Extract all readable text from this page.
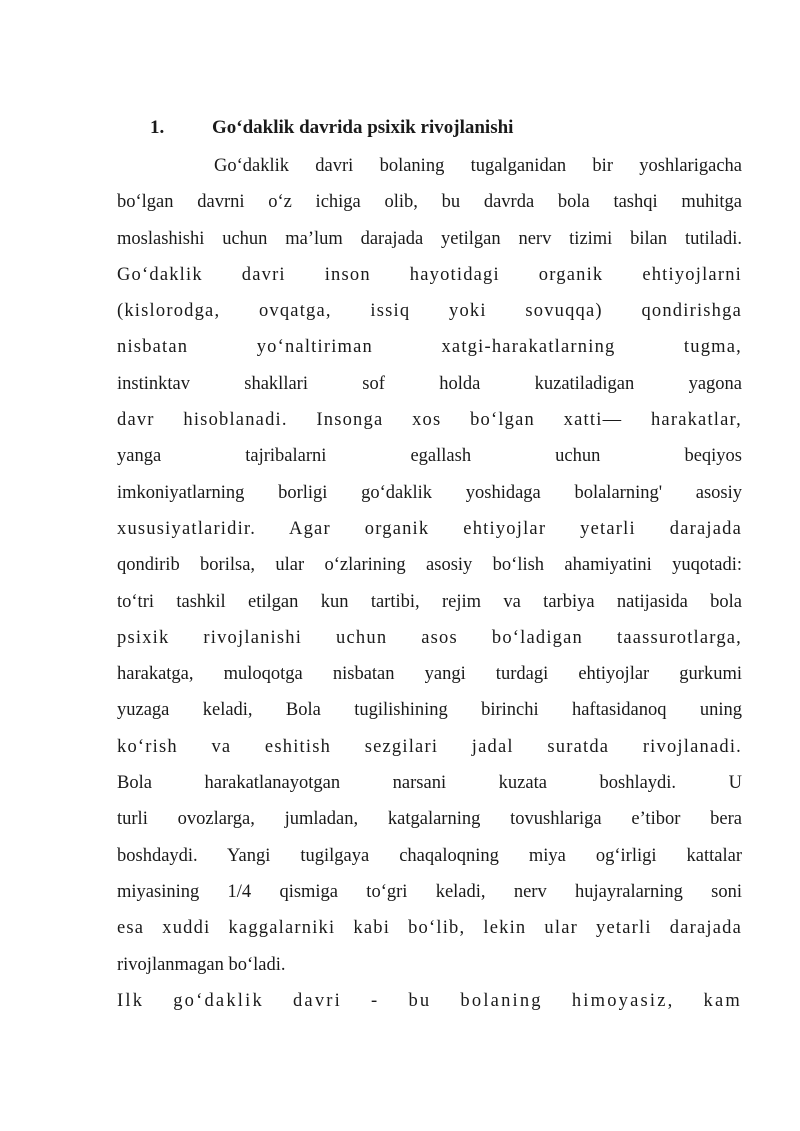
1.	Go‘daklik davrida psixik rivojlanishi
Go‘daklik davri bolaning tugalganidan bir yoshlarigacha
bo‘lgan davrni o‘z ichiga olib, bu davrda bola tashqi muhitga
moslashishi uchun ma’lum darajada yetilgan nerv tizimi bilan tutiladi.
Go‘daklik davri inson hayotidagi organik ehtiyojlarni
(kislorodga, ovqatga, issiq yoki sovuqqa) qondirishga
nisbatan yo‘naltiriman xatgi-harakatlarning tugma,
instinktav shakllari sof holda kuzatiladigan yagona
davr hisoblanadi. Insonga xos bo‘lgan xatti— harakatlar,
yanga tajribalarni egallash uchun beqiyos
imkoniyatlarning borligi go‘daklik yoshidaga bolalarning' asosiy
xususiyatlaridir. Agar organik ehtiyojlar yetarli darajada
qondirib borilsa, ular o‘zlarining asosiy bo‘lish ahamiyatini yuqotadi:
to‘tri tashkil etilgan kun tartibi, rejim va tarbiya natijasida bola
psixik rivojlanishi uchun asos bo‘ladigan taassurotlarga,
harakatga, muloqotga nisbatan yangi turdagi ehtiyojlar gurkumi
yuzaga keladi, Bola tugilishining birinchi haftasidanoq uning
ko‘rish va eshitish sezgilari jadal suratda rivojlanadi.
Bola harakatlanayotgan narsani kuzata boshlaydi. U
turli ovozlarga, jumladan, katgalarning tovushlariga e’tibor bera
boshdaydi. Yangi tugilgaya chaqaloqning miya og‘irligi kattalar
miyasining 1/4 qismiga to‘gri keladi, nerv hujayralarning soni
esa xuddi kaggalarniki kabi bo‘lib, lekin ular yetarli darajada
rivojlanmagan bo‘ladi.
Ilk go‘daklik davri - bu bolaning himoyasiz, kam
